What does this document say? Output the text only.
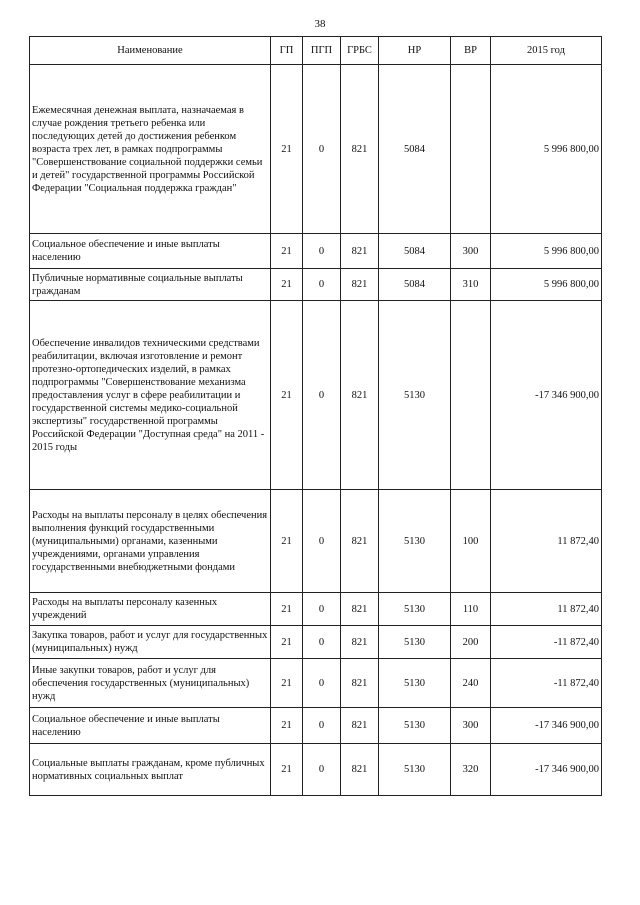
38
Наименование	ГП	ПГП	ГРБС	НР	ВР	2015 год
Ежемесячная денежная выплата, назначаемая в случае рождения третьего ребенка или последующих детей до достижения ребенком возраста трех лет, в рамках подпрограммы "Совершенствование социальной поддержки семьи и детей" государственной программы Российской Федерации "Социальная поддержка граждан"	21	0	821	5084		5 996 800,00
Социальное обеспечение и иные выплаты населению	21	0	821	5084	300	5 996 800,00
Публичные нормативные социальные выплаты гражданам	21	0	821	5084	310	5 996 800,00
Обеспечение инвалидов техническими средствами реабилитации, включая изготовление и ремонт протезно-ортопедических изделий, в рамках подпрограммы "Совершенствование механизма предоставления услуг в сфере реабилитации и государственной системы медико-социальной экспертизы" государственной программы Российской Федерации "Доступная среда" на 2011 - 2015 годы	21	0	821	5130		-17 346 900,00
Расходы на выплаты персоналу в целях обеспечения выполнения функций государственными (муниципальными) органами, казенными учреждениями, органами управления государственными внебюджетными фондами	21	0	821	5130	100	11 872,40
Расходы на выплаты персоналу казенных учреждений	21	0	821	5130	110	11 872,40
Закупка товаров, работ и услуг для государственных (муниципальных) нужд	21	0	821	5130	200	-11 872,40
Иные закупки товаров, работ и услуг для обеспечения государственных (муниципальных) нужд	21	0	821	5130	240	-11 872,40
Социальное обеспечение и иные выплаты населению	21	0	821	5130	300	-17 346 900,00
Социальные выплаты гражданам, кроме публичных нормативных социальных выплат	21	0	821	5130	320	-17 346 900,00
